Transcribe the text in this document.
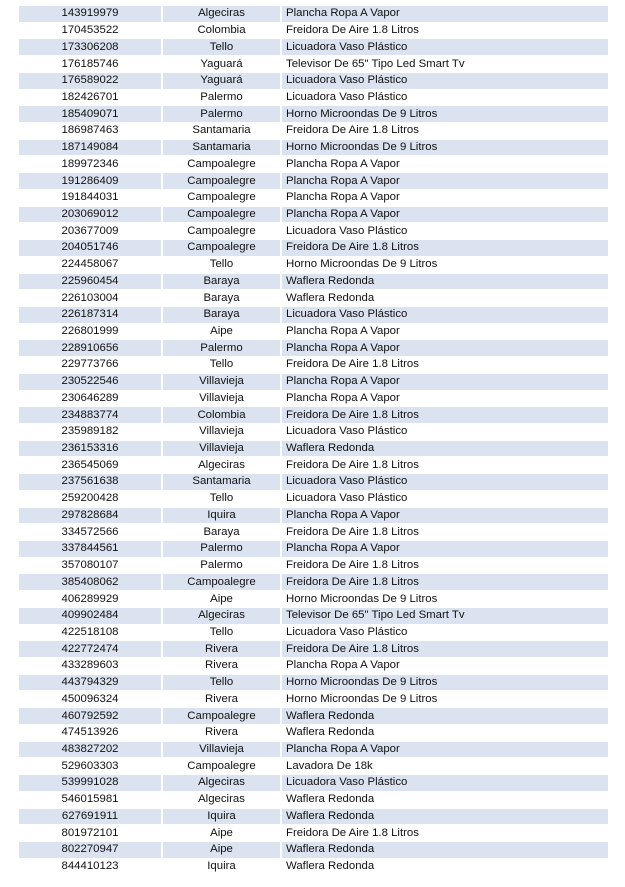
143919979	Algeciras	Plancha Ropa A Vapor
170453522	Colombia	Freidora De Aire 1.8 Litros
173306208	Tello	Licuadora Vaso Plástico
176185746	Yaguará	Televisor De 65" Tipo Led Smart Tv
176589022	Yaguará	Licuadora Vaso Plástico
182426701	Palermo	Licuadora Vaso Plástico
185409071	Palermo	Horno Microondas De 9 Litros
186987463	Santamaria	Freidora De Aire 1.8 Litros
187149084	Santamaria	Horno Microondas De 9 Litros
189972346	Campoalegre	Plancha Ropa A Vapor
191286409	Campoalegre	Plancha Ropa A Vapor
191844031	Campoalegre	Plancha Ropa A Vapor
203069012	Campoalegre	Plancha Ropa A Vapor
203677009	Campoalegre	Licuadora Vaso Plástico
204051746	Campoalegre	Freidora De Aire 1.8 Litros
224458067	Tello	Horno Microondas De 9 Litros
225960454	Baraya	Waflera Redonda
226103004	Baraya	Waflera Redonda
226187314	Baraya	Licuadora Vaso Plástico
226801999	Aipe	Plancha Ropa A Vapor
228910656	Palermo	Plancha Ropa A Vapor
229773766	Tello	Freidora De Aire 1.8 Litros
230522546	Villavieja	Plancha Ropa A Vapor
230646289	Villavieja	Plancha Ropa A Vapor
234883774	Colombia	Freidora De Aire 1.8 Litros
235989182	Villavieja	Licuadora Vaso Plástico
236153316	Villavieja	Waflera Redonda
236545069	Algeciras	Freidora De Aire 1.8 Litros
237561638	Santamaria	Licuadora Vaso Plástico
259200428	Tello	Licuadora Vaso Plástico
297828684	Iquira	Plancha Ropa A Vapor
334572566	Baraya	Freidora De Aire 1.8 Litros
337844561	Palermo	Plancha Ropa A Vapor
357080107	Palermo	Freidora De Aire 1.8 Litros
385408062	Campoalegre	Freidora De Aire 1.8 Litros
406289929	Aipe	Horno Microondas De 9 Litros
409902484	Algeciras	Televisor De 65" Tipo Led Smart Tv
422518108	Tello	Licuadora Vaso Plástico
422772474	Rivera	Freidora De Aire 1.8 Litros
433289603	Rivera	Plancha Ropa A Vapor
443794329	Tello	Horno Microondas De 9 Litros
450096324	Rivera	Horno Microondas De 9 Litros
460792592	Campoalegre	Waflera Redonda
474513926	Rivera	Waflera Redonda
483827202	Villavieja	Plancha Ropa A Vapor
529603303	Campoalegre	Lavadora De 18k
539991028	Algeciras	Licuadora Vaso Plástico
546015981	Algeciras	Waflera Redonda
627691911	Iquira	Waflera Redonda
801972101	Aipe	Freidora De Aire 1.8 Litros
802270947	Aipe	Waflera Redonda
844410123	Iquira	Waflera Redonda
